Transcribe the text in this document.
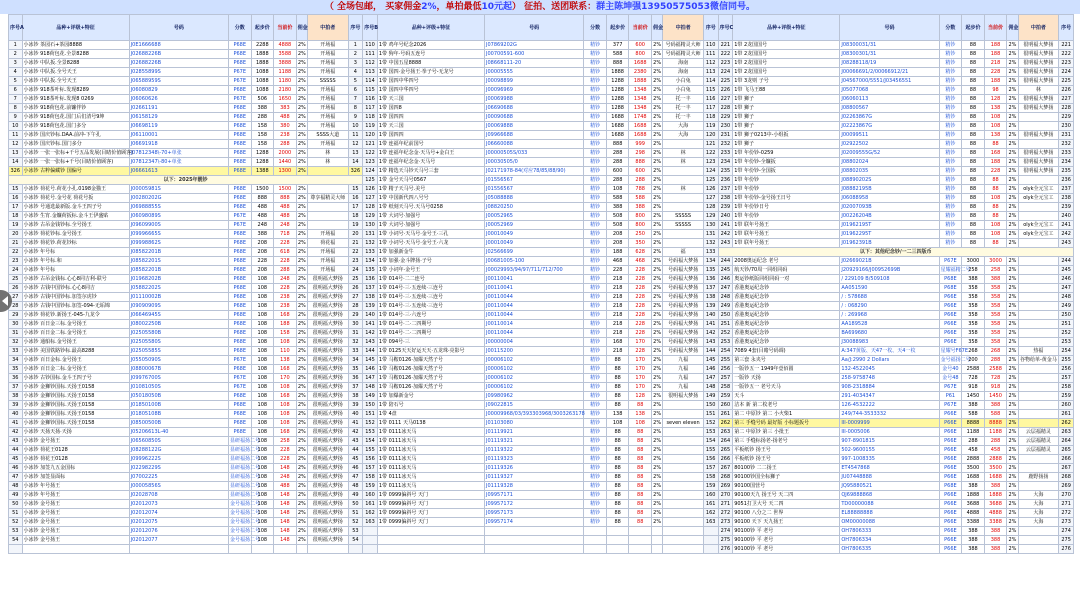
（ 全场包邮， 买家佣金2%，单拍最低10元起） 征拍、送团联系：群主陈坤强13950575053微信同号。
序号A	品种+评级+特征	号码	分数	起步价	当前价	佣金	中拍者	序号	序号B	品种+评级+特征	号码	分数	起步价	当前价	佣金	中拍者	序号	序号C	品种+评级+特征	号码	分数	起步价	当前价	佣金	中拍者	序号
1	小冰钞 茶园石+茶园8888	J0E1666688	P68E	2288	4888	2%	开场福	1	110	1带 鸡年号纪念2026	J07869202G	精钞	377	600	2%	号码福精灵大师	110	221	1带 2龙国国号	J08300031/31	精钞	88	188	2%	很明福大梦扬	221
2	小冰钞 918荷包花.全景8288	J02688226B	P68E	1888	3588	2%	开场福	2	111	1带 狗年·号码五连号	J00700591-600	精钞	588	800	2%	号码福精灵大师	111	222	1带 2龙国国号	J08300301/31	精钞	88	188	2%	很明福大梦扬	222
3	小冰钞 中队扳.全景8288	J02688226B	P68E	1888	3888	2%	开场福	3	112	1带 中国五星8888	J08668111-20	精钞	888	1688	2%	海南	112	223	1带 2龙国国号	J08288118/19	精钞	88	218	2%	很明福大梦扬	223
4	小冰钞 中队扳.全号天王	J02855899S	P67E	1088	1188	2%	开场福	4	113	1带 国四·金号扬王·拳子号-无龙号	J00005555	精钞	1888	2380	2%	海南	113	224	1带 2龙国国号	J00066691/2/00066912/21	精钞	88	228	2%	很明福大梦扬	224
5	小冰钞 中队扳.全号天王	J06588959S	P67E	1088	1180	2%	SSSSS	5	114	1带 国四中华四号	J00098899	精钞	1288	1888	2%	小白兔	114	225	1带 3龙则 子号	J04567000/5551/J03456551	精钞	88	188	2%	很明福大梦扬	225
6	小冰钞 918茶叶标.发现8289	J06080829	P68E	1088	2180	2%	开场福	6	115	1带 国四中华四号	J00096969	精钞	1288	1348	2%	小白兔	115	226	1带 飞马王88	J05077068	精钞	88	98	2%	林	226
7	小冰钞 918茶叶标.发现8 0269	J06060626	P67E	506	1650	2%	开场福	7	116	1带 天三国	J00069988	精钞	1288	1348	2%	托一丰	116	227	1带 狮子	J06060113	精钞	88	128	2%	很明福大梦扬	227
8	小冰钞 918荷包花.前镰伴钞	J02661191	P68E	388	383	2%	开场福	8	117	1带 国四8	J06690688	精钞	1288	1348	2%	托一丰	117	228	1带 狮子	J08800567	精钞	88	138	2%	很明福大梦扬	228
9	小冰钞 918荷包花.国门后们清号9坤	J06158129	P68E	288	488	2%	开场福	9	118	1带 国四四	J00090688	精钞	1688	1748	2%	托一丰	118	229	1带 狮子	J02263867G	精钞	88	108	2%		229
10	小冰钞 918荷包花.国门多分	J06698119	P68E	158	380	2%	开场福	10	119	1带 天三国	J00069888	精钞	1688	1688	2%	大海	119	230	1带 狮子	J02223867G	精钞	88	108	2%		230
11	小冰钞 国庆钞标.DAA.前冲-下午孔	J06110001	P68E	158	238	2%	SSSS大道	11	120	1带 国四四	J09966688	精钞	1688	1688	2%	大海	120	231	1带 狮子0213中-小组扳	J00099511	精钞	88	138	2%	很明福大梦扬	231
12	小冰钞 国庆钞标.国门多分	J06691918	P68E	158	288	2%	开场福	12	121	1带 连福年纪前国号	J06660088	精钞	888	999	2%		121	232	1带 狮子	J02922502	精钞	88	88	2%		232
13	小冰钞 一张一张标+千号五品发展(目睹价值顾客)	J07812348\-70+单张	P68E	1288	2000	2%	林	13	122	1带 连福年纪念金·天马号+金白王	J00000505S/033	精钞	288	298	2%	林	122	233	1带 年份钞-0259	J02009555G/52	精钞	88	168	2%	很明福大梦扬	233
14	小冰钞 一张一张标+千号(目睹价值顾客)	J07812347\-80+单张	P68E	1288	1440	2%	林	14	123	1带 连福年纪念金·天马号	J00030505/0	精钞	288	888	2%	林	123	234	1带 年份钞-全镰扳	J08802024	精钞	88	188	2%	很明福大梦扬	234
326	小冰钞 古粹偏藏钞 国偏号	J06661613	P68E	1388	1300	2%		326	124	1带 精选天马钞天马号三套	J02171978-84(对应78/85/88/90)	精钞	600	600	2%		124	235	1带 年份钞-全国扳	J08802035	精钞	88	228	2%	很明福大梦扬	235
以下：2025年靓钞									125	1带 金号天马号0567	J01556567	精钞	288	288	2%		125	236	1带 年份钞	J08890202S	精钞	88	88	2%		236
15	小冰钞 荷花号.荷花小孔.0198金猫王	J00005981S	P68E	1500	1500	2%		15	126	1带 精子天马号.美号	J01556567	精钞	108	788	2%	林	126	237	1带 年份钞	J08882195B	精钞	88	88	2%	olyk全元宝工	237
16	小冰钞 荷花号.金号花 荷花号扳	J00280202G	P68E	888	888	2%	尊享福精灵大师	16	127	1带 中国新代四八号号	J05088888	精钞	588	588	2%		127	238	1带 年份钞-金号扬王日号	J06088958	精钞	88	108	2%	olyk全元宝工	238
17	小冰钞 号通选最新版.金斗王四子号	J06988855S	P68E	488	488	2%		17	128	1带 纸刻天马号.天马号0258	J08820250	精钞	388	388	2%		128	239	1带 年份钞日号	J02007093B	精钞	88	88	2%		239
18	小冰钞 生宵.金镰荷扳标.金斗王伊盛贴	J06098089S	P67E	488	488	2%		18	129	1带 大词号·加强号	J00052965	精钞	508	800	2%	SSSSS	129	240	1带 年份钞	J00226204B	精钞	88	88	2%		240
19	小冰钞 古吊金钱钞标.全号扬王	J09609900S	P67E	248	248	2%		19	130	1带 大词号·加强号	J00052969	精钞	508	800	2%	SSSSS	130	241	1带 联年号扬王	J01962195T	精钞	88	108	2%	olyk全元宝工	241
20	小冰钞 荷花钞标.金号扬王	J09996665S	P68E	388	718	2%	开场福	20	131	1带 小词号·天马号·金号王·三孔	J00010049	精钞	208	250	2%		131	242	1带 联年号扬王	J01962295T	精钞	88	108	2%	olyk全元宝工	242
21	小冰钞 荷花钞.荷花钞标	J09998862S	P68E	208	228	2%	荷花福	21	132	1带 小词号·天马号·金号王·六龙	J00010049	精钞	208	350	2%		132	243	1带 联年号扬王	J01962391B	精钞	88	88	2%		243
22	小冰钞 年号标	J08582201B	P68E	208	618	2%	开场福	22	133	1带 加强新金牛	J02566699	精钞	188	628	2%	福	133	以下：其他纪念钞/一二三四版币								
23	小冰钞 年号标.和	J08582201S	P68E	228	228	2%	开场福	23	134	1带 加强·金斗牌扬·子号	J00681005-100	精钞	468	468	2%	号码福大梦扬	134	244	2008奥运纪念 老号	J02669021B	P67E	3000	3000	2%		244
24	小冰钞 年号标	J08582201B	P68E	208	288	2%	开场福	24	135	1带 小词年·金号王	J00029993/94/97/711/712/700	精钞	228	228	2%	号码福大梦扬	135	245	航天钞/70周一同组同码	J20929166/J00952699B	星耀福精二号	258	258	2%		245
25	小冰钞 古吊金钱标.心心8同吉利-联号	J01968202B	P68E	108	248	2%	很明福大梦扬	25	136	1带 014号·二二连号	J00110041	精钞	218	228	2%	号码福大梦扬	136	246	奥运钞纸版同组同码一对	/ 229109 B/509108	P68E	388	388	2%		246
26	小冰钞 古钱中国钞标.心心8同吉	J05882202S	P68E	108	228	2%	很明福大梦扬	26	137	1带 014号·三·五连续·三连号	J00110041	精钞	218	228	2%	号码福大梦扬	137	247	香港奥运纪念钞	AA051590	P68E	358	358	2%		247
27	小冰钞 古钱中国钞标.加签尔虎钞	J01110002B	P68E	108	238	2%	很明福大梦扬	27	138	1带 014号·三·五连续·三连号	J00110044	精钞	218	228	2%	号码福大梦扬	138	248	香港奥运纪念钞	/ : 578688	P66E	358	358	2%		248
28	小冰钞 古钱中国钞标.加签-094-无垢锦	J09090909S	P68E	108	238	2%	很明福大梦扬	28	139	1带 014号·三·五连续·三连号	J00110044	精钞	218	228	2%	号码福大梦扬	139	249	香港奥运纪念钞	/ : 068290	P66E	358	358	2%		249
29	小冰钞 荷花钞.新扬王-045-九龙令	J06646945S	P68E	108	168	2%	很明福大梦扬	29	140	1带 014号·三·六连号	J00110044	精钞	218	228	2%	号码福大梦扬	140	250	香港奥运纪念钞	/ : 269968	P66E	358	358	2%		250
30	小冰钞 百日金三标.金号扬王	J08002250B	P68E	108	188	2%	很明福大梦扬	30	141	1带 014号·二·二四期号	J00110014	精钞	218	228	2%	号码福大梦扬	141	251	香港奥运纪念钞	AA189528	P66E	358	358	2%		251
31	小冰钞 百日金二标.金号扬王	J02505580B	P68E	108	158	2%	很明福大梦扬	31	142	1带 014号·二·二四期号	J00110044	精钞	218	228	2%	号码福大梦扬	142	252	香港奥运纪念钞	BA699680	P66E	358	358	2%		252
32	小冰钞 通船标.金号扬王	J02505580S	P68E	108	108	2%	很明福大梦扬	32	143	1带 094号·三	J00000004	精钞	168	170	2%	号码福大梦扬	143	253	香港奥运纪念钞	J30088983	P66E	358	358	2%		253
33	小冰钞 美国铁路钞标.最高8288	J02505585S	P68E	108	110	2%	很明福大梦扬	33	144	1带 0125天天好运天天·五龙珠·亮影号	J00115200	精钞	218	228	2%	号码福大梦扬	144	254	7089 4套(目睹号码调)	A:347黄版、天47一枚、天4一枚	星耀号F67E	268	268	2%	热福	254
34	小冰钞 百日金标.金号扬王	J05505090S	P67E	108	138	2%	很明福大梦扬	34	145	1带 马鞍0126·加爆天然子号	J00006102	精钞	88	170	2%	九福	145	255	第三套 永夹号	Aa/J:2990 2 Dollars	金号福扬二号	200	288	2%	谷物给单-黄金马	255
35	小冰钞 百日金二标.金号扬王	J08800067B	P68E	108	168	2%	很明福大梦扬	35	146	1带 马鞍0126·加爆天然子号	J00006102	精钞	88	170	2%	九福	146	256	一版钞五一 1949年壹佰圆	132-4522045	金号40	2588	2588	2%		256
36	小冰钞 古钞国标.金斗王四子号	J09976700S	P67E	108	170	2%	很明福大梦扬	36	147	1带 马鞍0126·加爆天然子号	J00006102	精钞	88	170	2%	九福	147	257	一版钞 天扬	258-9758748	金号48	728	728	2%		257
37	小冰钞 金狮钞国标.天扬王0158	J01081050S	P67E	108	108	2%	很明福大梦扬	37	148	1带 马鞍0126·加爆天然子号	J00006102	精钞	88	170	2%	九福	148	258	一版钞五一 老号天马	908-2318884	P67E	918	918	2%		258
38	小冰钞 金狮钞国标.天扬王0158	J05018050B	P68E	108	168	2%	很明福大梦扬	38	149	1带 加爆新金号	J09980962	精钞	88	128	2%	很明福大梦扬	149	259	天斗	291-4034347	P61	1450	1450	2%		259
39	小冰钞 金狮钞国标.天扬王0158	J01850100B	P68E	108	108	2%	很明福大梦扬	39	150	1带 陪石号	J09022815	精钞	88	88	2%		150	260	洁本 新 第二枚老号	126-4532222	P67E	388	388	2%		260
40	小冰钞 金狮钞国标.天扬王0158	J01805108B	P68E	108	108	2%	很明福大梦扬	40	151	1带 4盘	J00009968/03/393303968/3003263178	精钞	138	138	2%		151	261	第二 中原钞 第二 小火柴1	249/744-3533332	P66E	588	588	2%		261
41	小冰钞 金狮钞国标.天扬王0158	J08500500B	P68E	108	108	2%	很明福大梦扬	41	152	1带 0111 天马0138	J01103080	精钞	108	108	2%	seven eleven	152	262	第三 手缝号码 最好版 小标题扳号	III-0009999	P66E	8888	8888	2%		262
42	小冰钞 天扬天扬·天扬	J05206613L-40	P68E	108	168	2%	很明福大梦扬	42	153	1带 0111冰天马	J01119921	精钞	88	88	2%		153	263	第二 中原钞 第三 小批王	III-0005006	P66E	1188	1188	2%	云层福精灵	263
43	小冰钞 金号扬王	J06560850S	显研福扬二号	108	258	2%	很明福大梦扬	43	154	1带 0111冰天马	J01119321	精钞	88	88	2%		154	264	第三 手缝标扬老-扬老号	907-8901815	P66E	288	288	2%	云层福精灵	264
44	小冰钞 荷花王0128	J08288122G	显研福扬二号	108	228	2%	很明福大梦扬	44	155	1带 0111冰天马	J01119322	精钞	88	88	2%		155	265	平板纸钞 扬王号	502-9600155	P66E	458	458	2%	云层福精灵	265
45	小冰钞 荷花王0128	J09996222S	显研福扬二号	108	228	2%	很明福大梦扬	45	156	1带 0111冰天马	J01119323	精钞	88	88	2%		156	266	平板纸钞 扬王号	997-1008335	P66E	2888	2888	2%		266
46	小冰钞 加签九五金国标	J02298229S	显研福扬二号	108	148	2%	很明福大梦扬	46	157	1带 0111冰天马	J01119326	精钞	88	88	2%		157	267	80100钞 二二扬王	ET4547868	P66E	3500	3500	2%		267
47	小冰钞 加签显面标	J07002225	显研福扬二号	108	248	2%	很明福大梦扬	47	158	1带 0111冰天马	J01119327	精钞	88	88	2%		158	268	90100钞国全标狮子	JU07448888	P66E	1688	1688	2%	鹿野扬扬	268
48	小冰钞 年号扬王	J00005856S	显研福扬二号	108	488	2%	很明福大梦扬	48	159	1带 0111冰天马	J01119328	精钞	88	88	2%		159	269	90100国营号	JQ95880521	P68E	388	388	2%		269
49	小冰钞 年号扬王	J02028708	显研福扬二号	108	148	2%	很明福大梦扬	49	160	1带 0999偏斜号 天门	J09957171	精钞	88	88	2%		160	270	90100天九 扬王号 天二四	QJ69888868	P66E	1888	1888	2%	大海	270
50	小冰钞 金号扬王	J02012073	金号福扬二号	108	148	2%	很明福大梦扬	50	161	1带 0999偏斜号 天门	J09957172	精钞	88	88	2%		161	271	9051打卫大号 天二四	TD00000088	P66E	3688	3688	2%	大海	271
51	小冰钞 金号扬王	J02012074	金号福扬二号	108	148	2%	很明福大梦扬	51	162	1带 0999偏斜号 天门	J09957173	精钞	88	88	2%		162	272	90100 八分之二 世界	EL88888888	P66E	4888	4888	2%	大海	272
52	小冰钞 金号扬王	J02012075	金号福扬二号	108	148	2%	很明福大梦扬	52	163	1带 0999偏斜号 天门	J09957174	精钞	88	88	2%		163	273	90100 天下 天九扬王	OM00000088	P66E	3388	3388	2%	大海	273
53	小冰钞 金号扬王	J02012076	金号福扬二号	108	148	2%	很明福大梦扬	53										274	90100钞 平 老号	OH7806333	P66E	388	388	2%		274
54	小冰钞 金号扬王	J02012077	金号福扬二号	108	148	2%	很明福大梦扬	54										275	90100钞 平 老号	OH7806334	P66E	388	388	2%		275
																		276	90100钞 平 老号	OH7806335	P66E	388	388	2%		276
